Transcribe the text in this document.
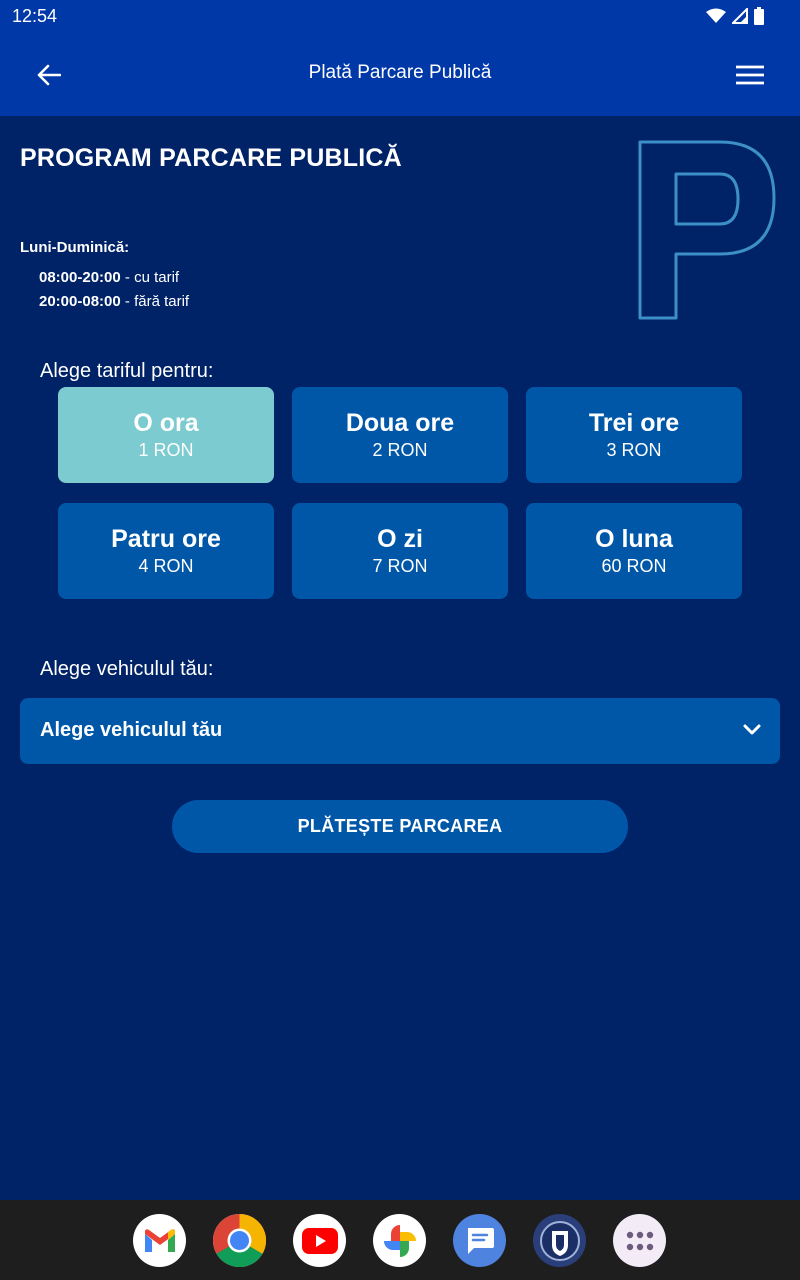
12:54
Plată Parcare Publică
PROGRAM PARCARE PUBLICĂ
Luni-Duminică:
08:00-20:00 - cu tarif
20:00-08:00 - fără tarif
Alege tariful pentru:
O ora
1 RON
Doua ore
2 RON
Trei ore
3 RON
Patru ore
4 RON
O zi
7 RON
O luna
60 RON
Alege vehiculul tău:
Alege vehiculul tău
PLĂTEȘTE PARCAREA
